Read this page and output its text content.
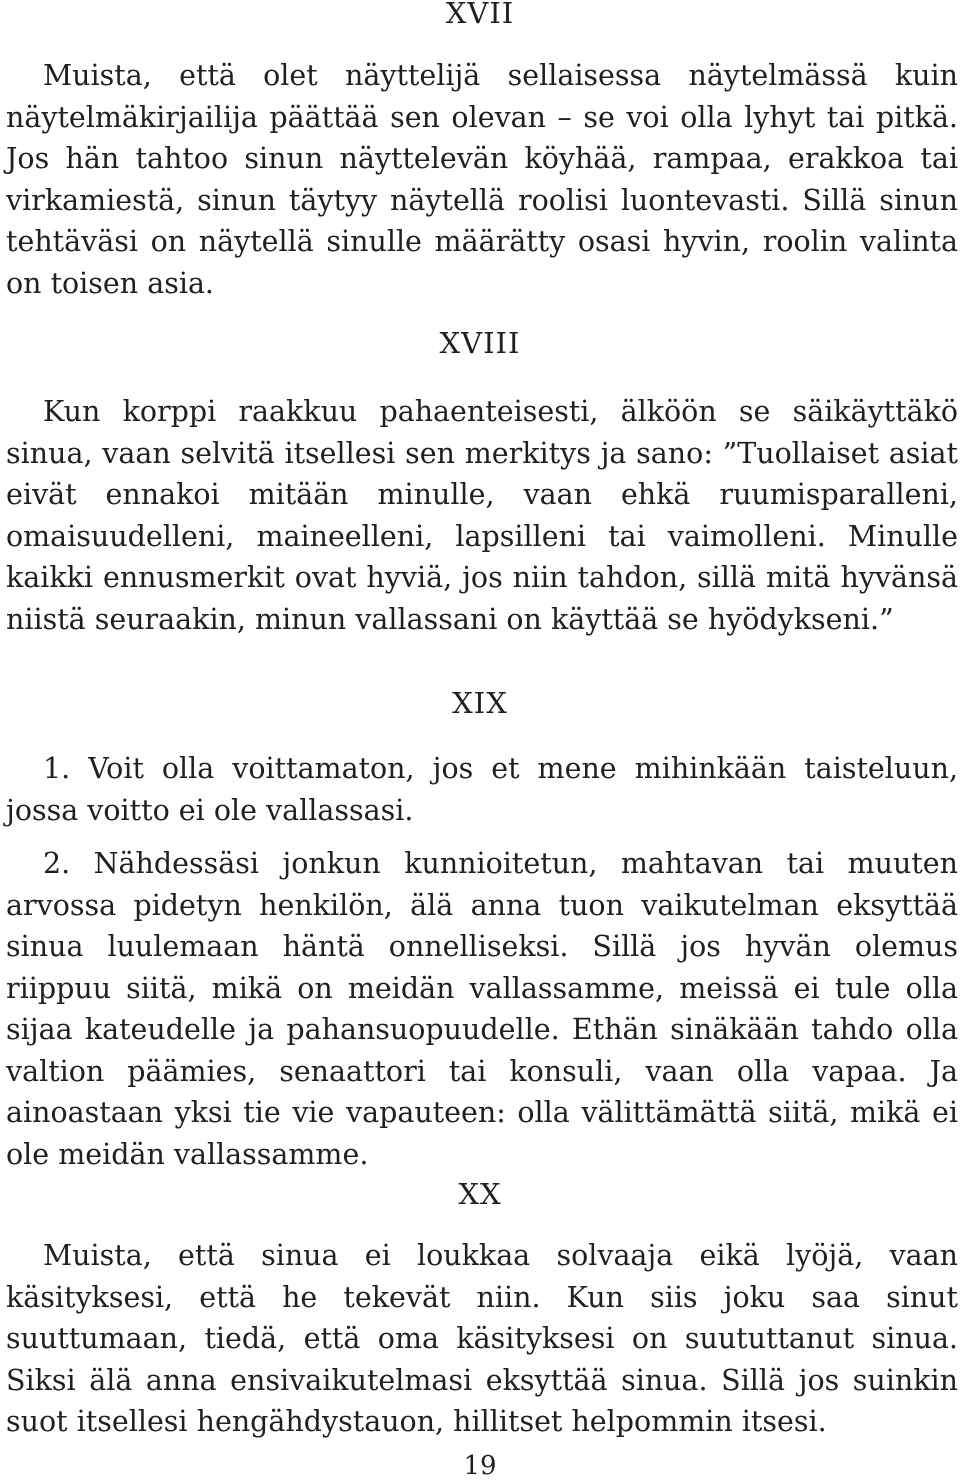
XVII

Muista, että olet näyttelijä sellaisessa näytelmässä kuin näytelmäkirjailija päättää sen olevan – se voi olla lyhyt tai pitkä. Jos hän tahtoo sinun näyttelevän köyhää, rampaa, erakkoa tai virkamiestä, sinun täytyy näytellä roolisi luontevasti. Sillä sinun tehtäväsi on näytellä sinulle määrätty osasi hyvin, roolin valinta on toisen asia.

XVIII

Kun korppi raakkuu pahaenteisesti, älköön se säikäyttäkö sinua, vaan selvitä itsellesi sen merkitys ja sano: ”Tuollaiset asiat eivät ennakoi mitään minulle, vaan ehkä ruumisparalleni, omaisuudelleni, maineelleni, lapsilleni tai vaimolleni. Minulle kaikki ennusmerkit ovat hyviä, jos niin tahdon, sillä mitä hyvänsä niistä seuraakin, minun vallassani on käyttää se hyödykseni.”

XIX

1. Voit olla voittamaton, jos et mene mihinkään taisteluun, jossa voitto ei ole vallassasi.

2. Nähdessäsi jonkun kunnioitetun, mahtavan tai muuten arvossa pidetyn henkilön, älä anna tuon vaikutelman eksyttää sinua luulemaan häntä onnelliseksi. Sillä jos hyvän olemus riippuu siitä, mikä on meidän vallassamme, meissä ei tule olla sijaa kateudelle ja pahansuopuudelle. Ethän sinäkään tahdo olla valtion päämies, senaattori tai konsuli, vaan olla vapaa. Ja ainoastaan yksi tie vie vapauteen: olla välittämättä siitä, mikä ei ole meidän vallassamme.

XX

Muista, että sinua ei loukkaa solvaaja eikä lyöjä, vaan käsityksesi, että he tekevät niin. Kun siis joku saa sinut suuttumaan, tiedä, että oma käsityksesi on suututtanut sinua. Siksi älä anna ensivaikutelmasi eksyttää sinua. Sillä jos suinkin suot itsellesi hengähdystauon, hillitset helpommin itsesi.

19
